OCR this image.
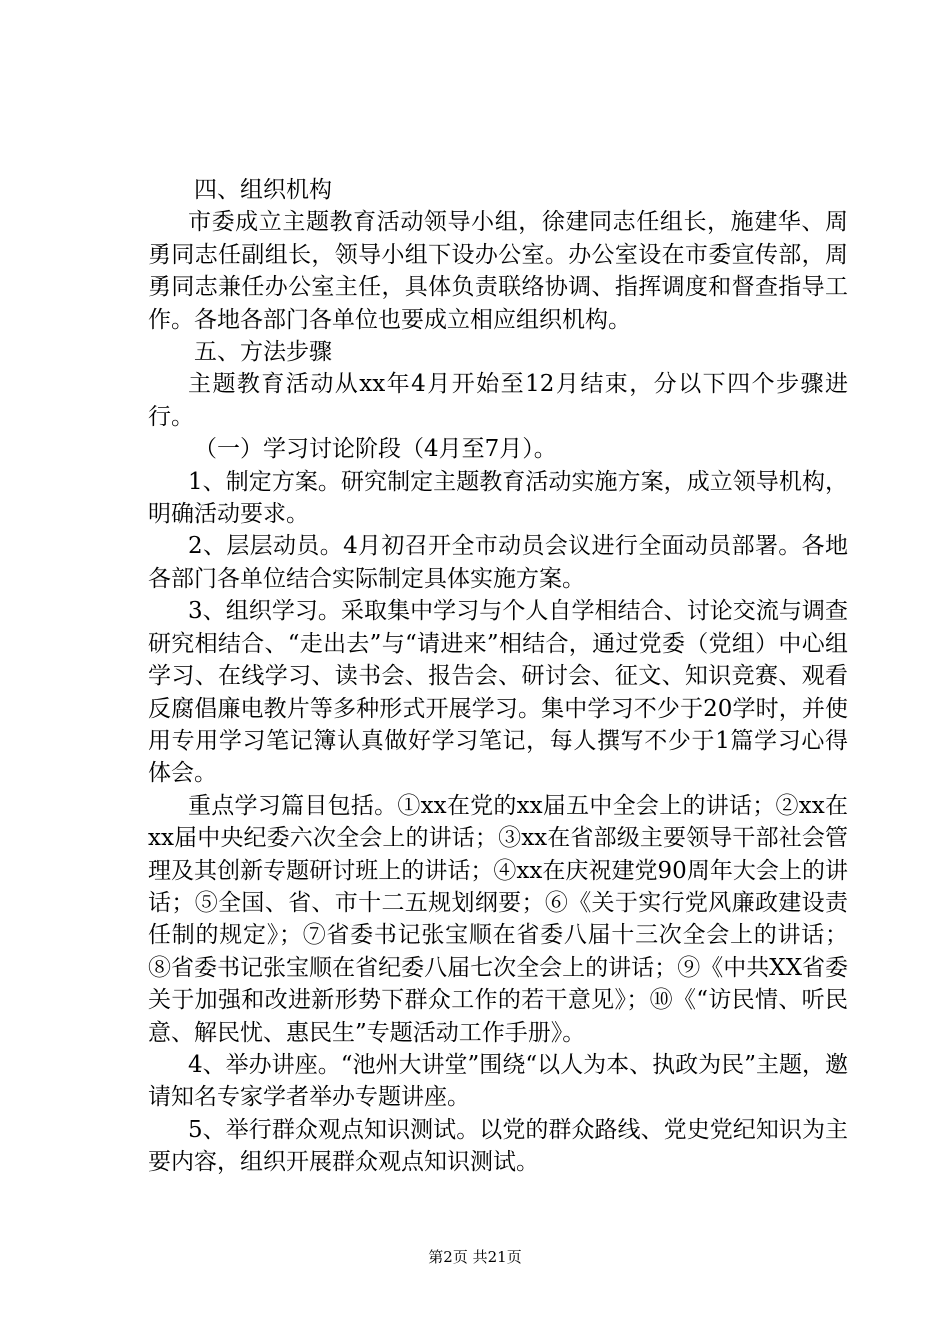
四、组织机构

市委成立主题教育活动领导小组，徐建同志任组长，施建华、周勇同志任副组长，领导小组下设办公室。办公室设在市委宣传部，周勇同志兼任办公室主任，具体负责联络协调、指挥调度和督查指导工作。各地各部门各单位也要成立相应组织机构。

五、方法步骤

主题教育活动从xx年4月开始至12月结束，分以下四个步骤进行。

（一）学习讨论阶段（4月至7月）。

1、制定方案。研究制定主题教育活动实施方案，成立领导机构，明确活动要求。

2、层层动员。4月初召开全市动员会议进行全面动员部署。各地各部门各单位结合实际制定具体实施方案。

3、组织学习。采取集中学习与个人自学相结合、讨论交流与调查研究相结合、“走出去”与“请进来”相结合，通过党委（党组）中心组学习、在线学习、读书会、报告会、研讨会、征文、知识竞赛、观看反腐倡廉电教片等多种形式开展学习。集中学习不少于20学时，并使用专用学习笔记簿认真做好学习笔记，每人撰写不少于1篇学习心得体会。

重点学习篇目包括。①xx在党的xx届五中全会上的讲话；②xx在xx届中央纪委六次全会上的讲话；③xx在省部级主要领导干部社会管理及其创新专题研讨班上的讲话；④xx在庆祝建党90周年大会上的讲话；⑤全国、省、市十二五规划纲要；⑥《关于实行党风廉政建设责任制的规定》；⑦省委书记张宝顺在省委八届十三次全会上的讲话；⑧省委书记张宝顺在省纪委八届七次全会上的讲话；⑨《中共XX省委关于加强和改进新形势下群众工作的若干意见》；⑩《“访民情、听民意、解民忧、惠民生”专题活动工作手册》。

4、举办讲座。“池州大讲堂”围绕“以人为本、执政为民”主题，邀请知名专家学者举办专题讲座。

5、举行群众观点知识测试。以党的群众路线、党史党纪知识为主要内容，组织开展群众观点知识测试。

第2页 共21页
